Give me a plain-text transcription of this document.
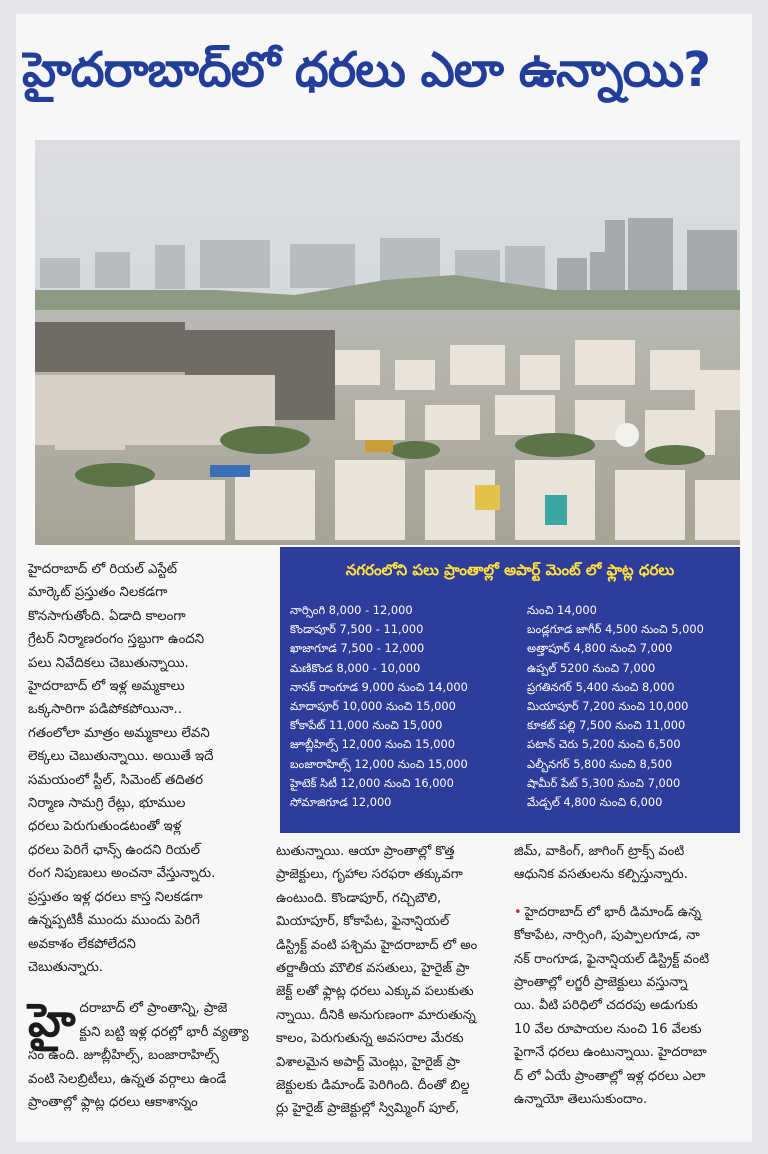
హైదరాబాద్‌లో ధరలు ఎలా ఉన్నాయి?

హైదరాబాద్ లో రియల్ ఎస్టేట్
మార్కెట్ ప్రస్తుతం నిలకడగా
కొనసాగుతోంది. ఏడాది కాలంగా
గ్రేటర్ నిర్మాణరంగం స్తబ్దుగా ఉందని
పలు నివేదికలు చెబుతున్నాయి.
హైదరాబాద్ లో ఇళ్ల అమ్మకాలు
ఒక్కసారిగా పడిపోకపోయినా..
గతంలోలా మాత్రం అమ్మకాలు లేవని
లెక్కలు చెబుతున్నాయి. అయితే ఇదే
సమయంలో స్టీల్, సిమెంట్ తదితర
నిర్మాణ సామగ్రి రేట్లు, భూముల
ధరలు పెరుగుతుండటంతో ఇళ్ల
ధరలు పెరిగే ఛాన్స్ ఉందని రియల్
రంగ నిపుణులు అంచనా వేస్తున్నారు.
ప్రస్తుతం ఇళ్ల ధరలు కాస్త నిలకడగా
ఉన్నప్పటికీ ముందు ముందు పెరిగే
అవకాశం లేకపోలేదని
చెబుతున్నారు.

హైదరాబాద్ లో ప్రాంతాన్ని, ప్రాజె
క్టుని బట్టి ఇళ్ల ధరల్లో భారీ వ్యత్యా
సం ఉంది. జూబ్లీహిల్స్, బంజారాహిల్స్
వంటి సెలబ్రిటీలు, ఉన్నత వర్గాలు ఉండే
ప్రాంతాల్లో ఫ్లాట్ల ధరలు ఆకాశాన్నం

నగరంలోని పలు ప్రాంతాల్లో అపార్ట్ మెంట్ లో ఫ్లాట్ల ధరలు
నార్సింగి 8,000 - 12,000
కొండాపూర్ 7,500 - 11,000
ఖాజాగూడ 7,500 - 12,000
మణికొండ 8,000 - 10,000
నానక్ రాంగూడ 9,000 నుంచి 14,000
మాదాపూర్ 10,000 నుంచి 15,000
కోకాపేట్ 11,000 నుంచి 15,000
జూబ్లీహిల్స్ 12,000 నుంచి 15,000
బంజారాహిల్స్ 12,000 నుంచి 15,000
హైటెక్ సిటీ 12,000 నుంచి 16,000
సోమాజిగూడ 12,000
నుంచి 14,000
బండ్లగూడ జాగీర్ 4,500 నుంచి 5,000
అత్తాపూర్ 4,800 నుంచి 7,000
ఉప్పల్ 5200 నుంచి 7,000
ప్రగతినగర్ 5,400 నుంచి 8,000
మియాపూర్ 7,200 నుంచి 10,000
కూకట్ పల్లి 7,500 నుంచి 11,000
పటాన్ చెరు 5,200 నుంచి 6,500
ఎల్బీనగర్ 5,800 నుంచి 8,500
షామీర్ పేట్ 5,300 నుంచి 7,000
మేడ్చల్ 4,800 నుంచి 6,000

టుతున్నాయి. ఆయా ప్రాంతాల్లో కొత్త
ప్రాజెక్టులు, గృహాల సరఫరా తక్కువగా
ఉంటుంది. కొండాపూర్, గచ్చిబౌలి,
మియాపూర్, కోకాపేట, ఫైనాన్షియల్
డిస్ట్రిక్ట్ వంటి పశ్చిమ హైదరాబాద్ లో అం
తర్జాతీయ మౌలిక వసతులు, హైరైజ్ ప్రా
జెక్ట్ లతో ఫ్లాట్ల ధరలు ఎక్కువ పలుకుతు
న్నాయి. దీనికి అనుగుణంగా మారుతున్న
కాలం, పెరుగుతున్న అవసరాల మేరకు
విశాలమైన అపార్ట్ మెంట్లు, హైరైజ్ ప్రా
జెక్టులకు డిమాండ్ పెరిగింది. దీంతో బిల్డ
ర్లు హైరైజ్ ప్రాజెక్టుల్లో స్విమ్మింగ్ పూల్,

జిమ్, వాకింగ్, జాగింగ్ ట్రాక్స్ వంటి
ఆధునిక వసతులను కల్పిస్తున్నారు.

• హైదరాబాద్ లో భారీ డిమాండ్ ఉన్న
కోకాపేట, నార్సింగి, పుప్పాలగూడ, నా
నక్ రాంగూడ, ఫైనాన్షియల్ డిస్ట్రిక్ట్ వంటి
ప్రాంతాల్లో లగ్జరీ ప్రాజెక్టులు వస్తున్నా
యి. వీటి పరిధిలో చదరపు అడుగుకు
10 వేల రూపాయల నుంచి 16 వేలకు
పైగానే ధరలు ఉంటున్నాయి. హైదరాబా
ద్ లో ఏయే ప్రాంతాల్లో ఇళ్ల ధరలు ఎలా
ఉన్నాయో తెలుసుకుందాం.
